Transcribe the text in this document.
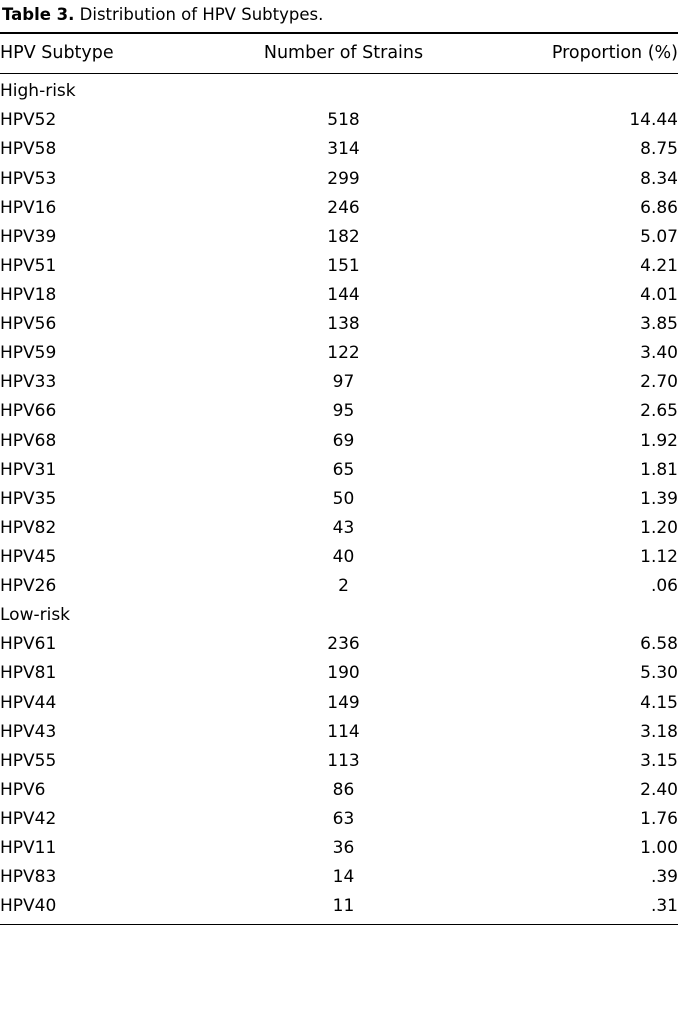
Table 3. Distribution of HPV Subtypes.
HPV Subtype	Number of Strains	Proportion (%)
High-risk		
HPV52	518	14.44
HPV58	314	8.75
HPV53	299	8.34
HPV16	246	6.86
HPV39	182	5.07
HPV51	151	4.21
HPV18	144	4.01
HPV56	138	3.85
HPV59	122	3.40
HPV33	97	2.70
HPV66	95	2.65
HPV68	69	1.92
HPV31	65	1.81
HPV35	50	1.39
HPV82	43	1.20
HPV45	40	1.12
HPV26	2	.06
Low-risk		
HPV61	236	6.58
HPV81	190	5.30
HPV44	149	4.15
HPV43	114	3.18
HPV55	113	3.15
HPV6	86	2.40
HPV42	63	1.76
HPV11	36	1.00
HPV83	14	.39
HPV40	11	.31
